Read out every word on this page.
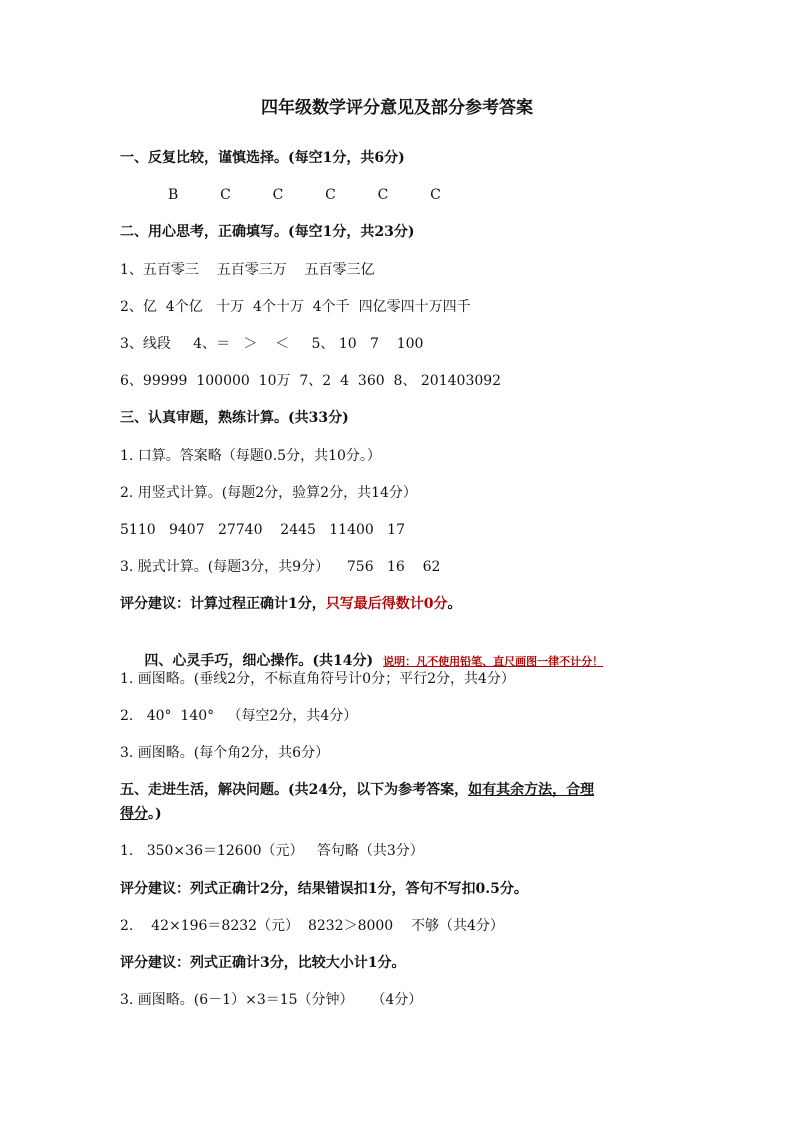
四年级数学评分意见及部分参考答案
一、反复比较，谨慎选择。(每空1分，共6分)
B    C    C    C    C    C
二、用心思考，正确填写。(每空1分，共23分)
1、五百零三    五百零三万    五百零三亿
2、亿  4个亿   十万  4个十万  4个千  四亿零四十万四千
3、线段     4、＝   ＞    ＜     5、 10   7    100
6、99999  100000  10万  7、2  4  360  8、 201403092
三、认真审题，熟练计算。(共33分)
1. 口算。答案略（每题0.5分，共10分。）
2. 用竖式计算。(每题2分，验算2分，共14分）
5110   9407   27740    2445   11400   17
3. 脱式计算。(每题3分，共9分）    756   16    62
评分建议：计算过程正确计1分，只写最后得数计0分。

四、心灵手巧，细心操作。(共14分) 说明：凡不使用铅笔、直尺画图一律不计分！

1. 画图略。(垂线2分，不标直角符号计0分；平行2分，共4分）
2.   40°  140°   （每空2分，共4分）
3. 画图略。(每个角2分，共6分）
五、走进生活，解决问题。(共24分，以下为参考答案，如有其余方法，合理
得分。)
1.   350×36＝12600（元）   答句略（共3分）
评分建议：列式正确计2分，结果错误扣1分，答句不写扣0.5分。
2.    42×196＝8232（元）  8232＞8000    不够（共4分）
评分建议：列式正确计3分，比较大小计1分。
3. 画图略。(6－1）×3＝15（分钟）    （4分）
